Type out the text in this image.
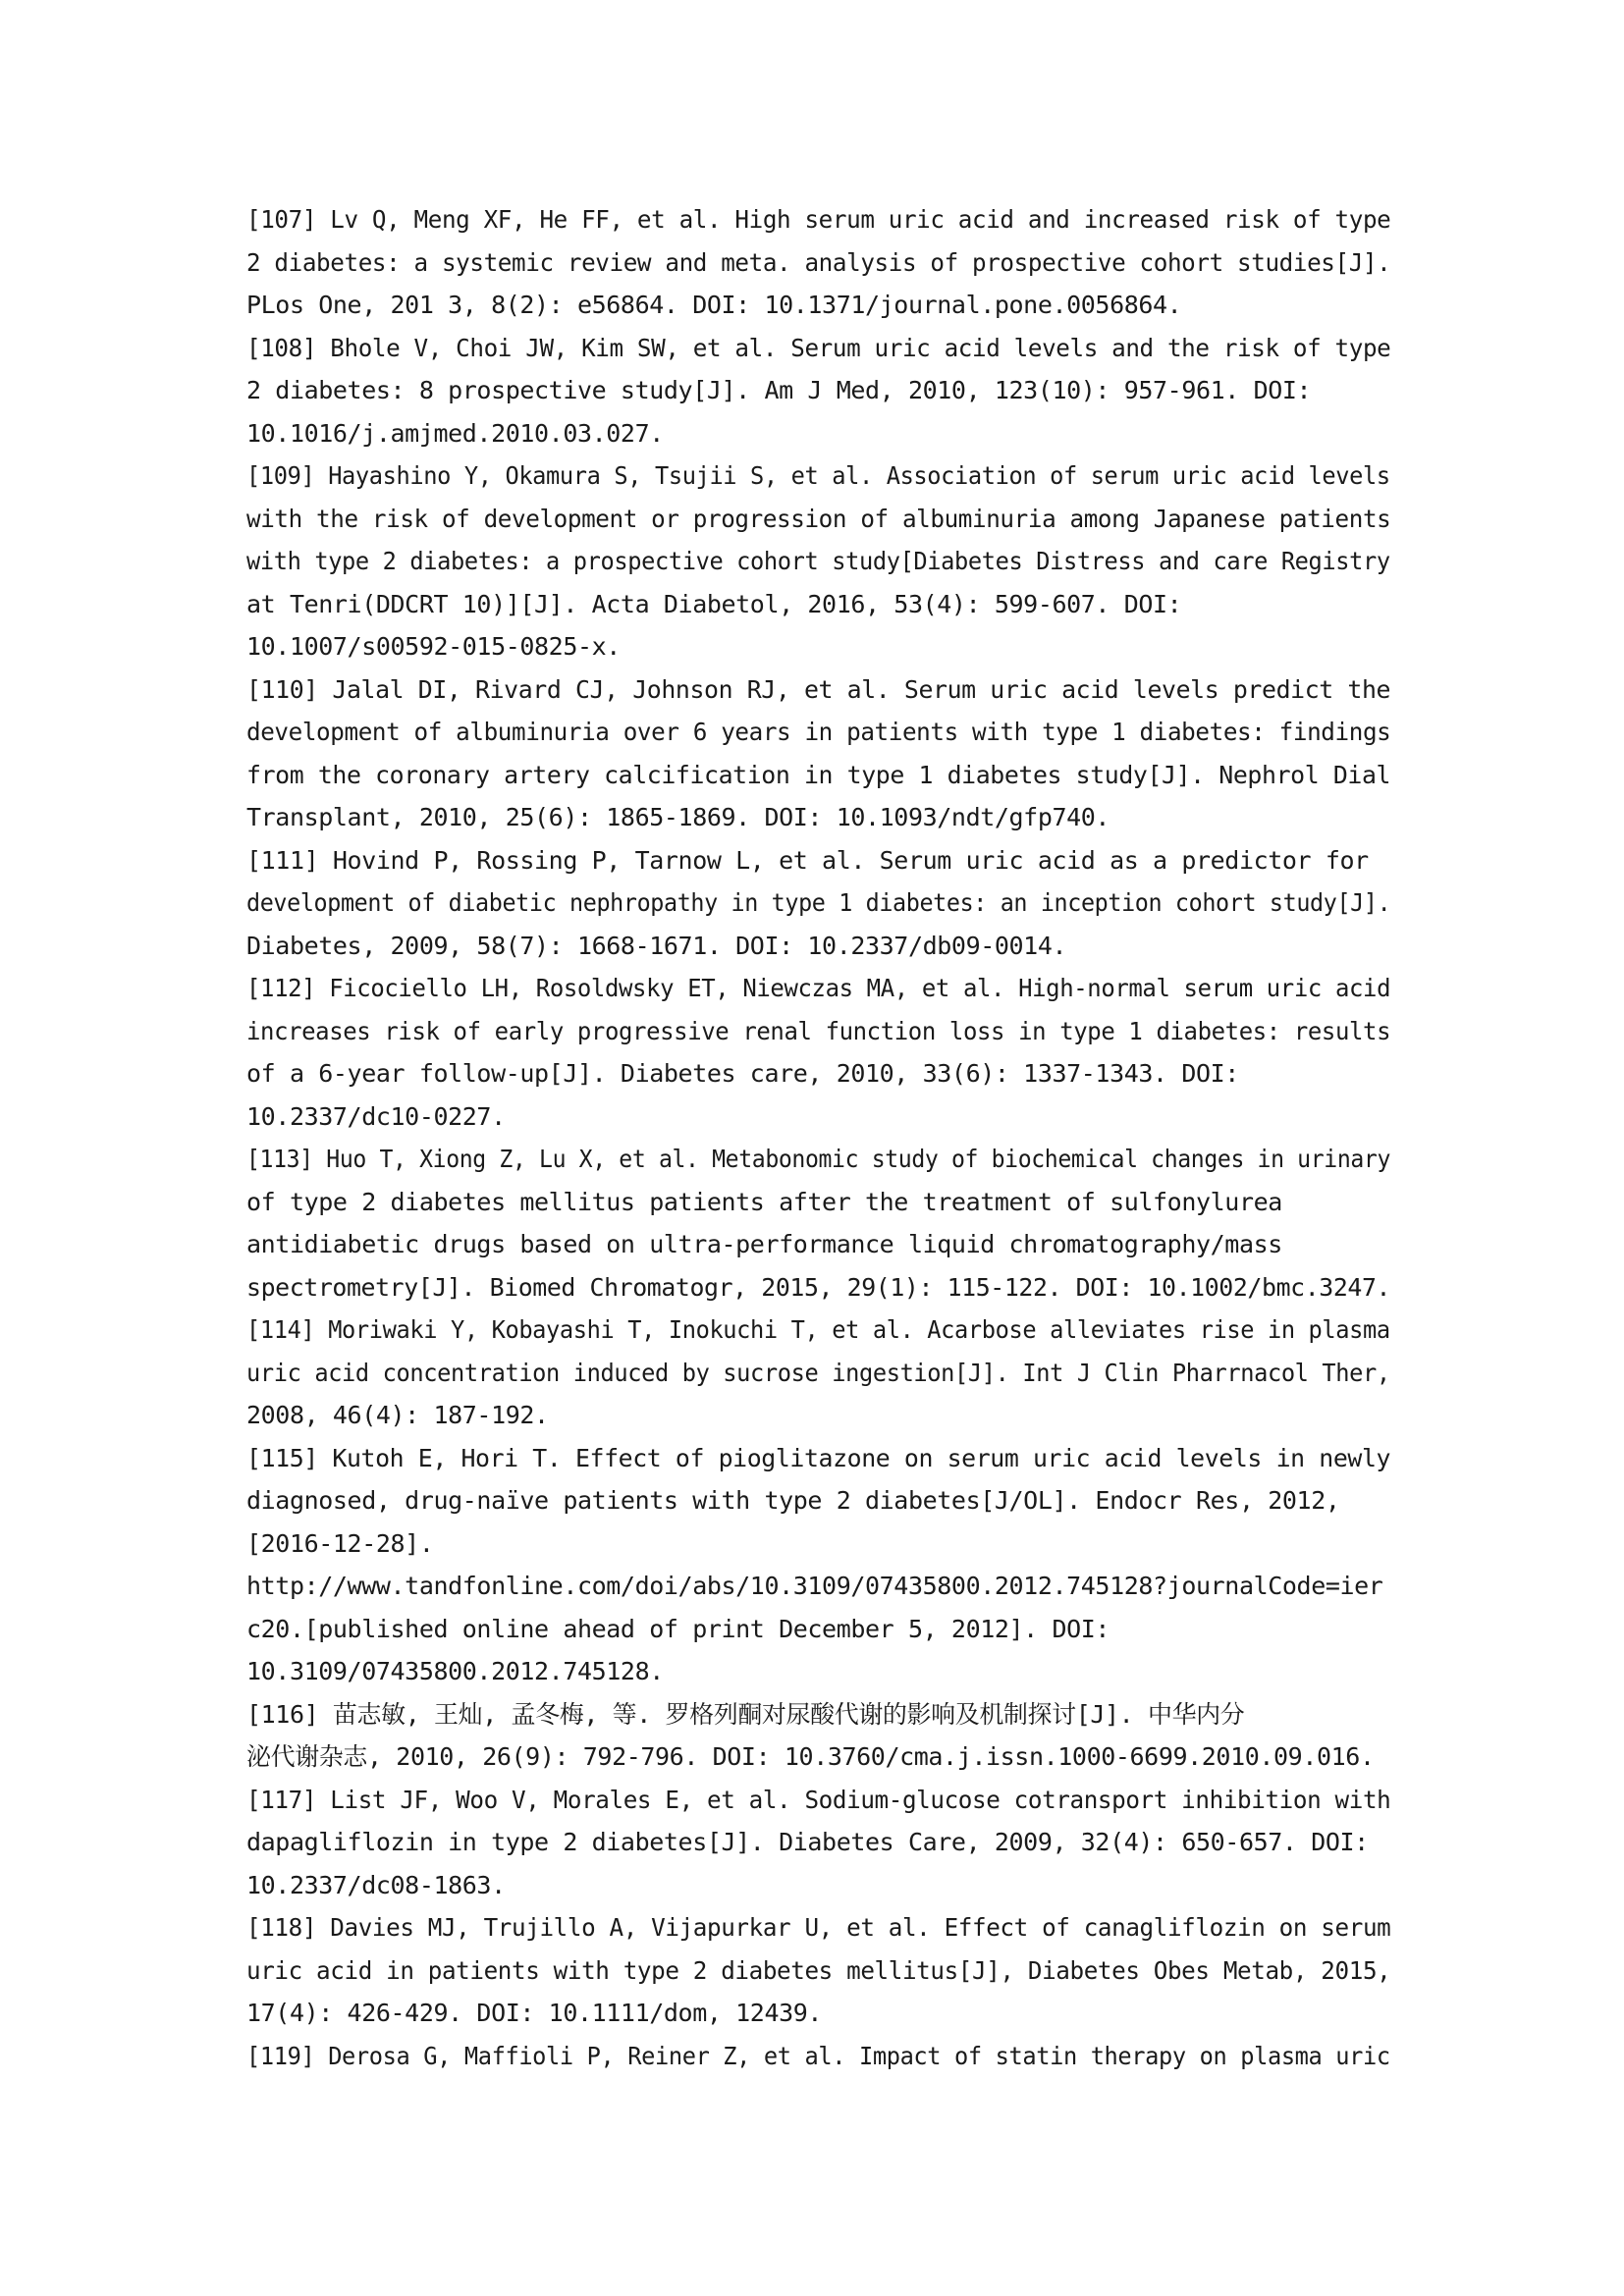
[107] Lv Q, Meng XF, He FF, et al. High serum uric acid and increased risk of type2 diabetes: a systemic review and meta. analysis of prospective cohort studies[J].
PLos One, 201 3, 8(2): e56864. DOI: 10.1371/journal.pone.0056864.
[108] Bhole V, Choi JW, Kim SW, et al. Serum uric acid levels and the risk of type
2 diabetes: 8 prospective study[J]. Am J Med, 2010, 123(10): 957-961. DOI:
10.1016/j.amjmed.2010.03.027.
[109] Hayashino Y, Okamura S, Tsujii S, et al. Association of serum uric acid levelswith the risk of development or progression of albuminuria among Japanese patientswith type 2 diabetes: a prospective cohort study[Diabetes Distress and care Registry
at Tenri(DDCRT 10)][J]. Acta Diabetol, 2016, 53(4): 599-607. DOI:
10.1007/s00592-015-0825-x.
[110] Jalal DI, Rivard CJ, Johnson RJ, et al. Serum uric acid levels predict thedevelopment of albuminuria over 6 years in patients with type 1 diabetes: findingsfrom the coronary artery calcification in type 1 diabetes study[J]. Nephrol Dial
Transplant, 2010, 25(6): 1865-1869. DOI: 10.1093/ndt/gfp740.
[111] Hovind P, Rossing P, Tarnow L, et al. Serum uric acid as a predictor for
development of diabetic nephropathy in type 1 diabetes: an inception cohort study[J].
Diabetes, 2009, 58(7): 1668-1671. DOI: 10.2337/db09-0014.
[112] Ficociello LH, Rosoldwsky ET, Niewczas MA, et al. High-normal serum uric acidincreases risk of early progressive renal function loss in type 1 diabetes: results
of a 6-year follow-up[J]. Diabetes care, 2010, 33(6): 1337-1343. DOI:
10.2337/dc10-0227.
[113] Huo T, Xiong Z, Lu X, et al. Metabonomic study of biochemical changes in urinary
of type 2 diabetes mellitus patients after the treatment of sulfonylurea
antidiabetic drugs based on ultra-performance liquid chromatography/mass
spectrometry[J]. Biomed Chromatogr, 2015, 29(1): 115-122. DOI: 10.1002/bmc.3247.
[114] Moriwaki Y, Kobayashi T, Inokuchi T, et al. Acarbose alleviates rise in plasmauric acid concentration induced by sucrose ingestion[J]. Int J Clin Pharrnacol Ther,
2008, 46(4): 187-192.
[115] Kutoh E, Hori T. Effect of pioglitazone on serum uric acid levels in newly
diagnosed, drug-naïve patients with type 2 diabetes[J/OL]. Endocr Res, 2012,
[2016-12-28].
http://www.tandfonline.com/doi/abs/10.3109/07435800.2012.745128?journalCode=ier
c20.[published online ahead of print December 5, 2012]. DOI:
10.3109/07435800.2012.745128.
[116] 苗志敏, 王灿, 孟冬梅, 等. 罗格列酮对尿酸代谢的影响及机制探讨[J]. 中华内分
泌代谢杂志, 2010, 26(9): 792-796. DOI: 10.3760/cma.j.issn.1000-6699.2010.09.016.
[117] List JF, Woo V, Morales E, et al. Sodium-glucose cotransport inhibition with
dapagliflozin in type 2 diabetes[J]. Diabetes Care, 2009, 32(4): 650-657. DOI:
10.2337/dc08-1863.
[118] Davies MJ, Trujillo A, Vijapurkar U, et al. Effect of canagliflozin on serumuric acid in patients with type 2 diabetes mellitus[J], Diabetes Obes Metab, 2015,
17(4): 426-429. DOI: 10.1111/dom, 12439.
[119] Derosa G, Maffioli P, Reiner Z, et al. Impact of statin therapy on plasma uric
